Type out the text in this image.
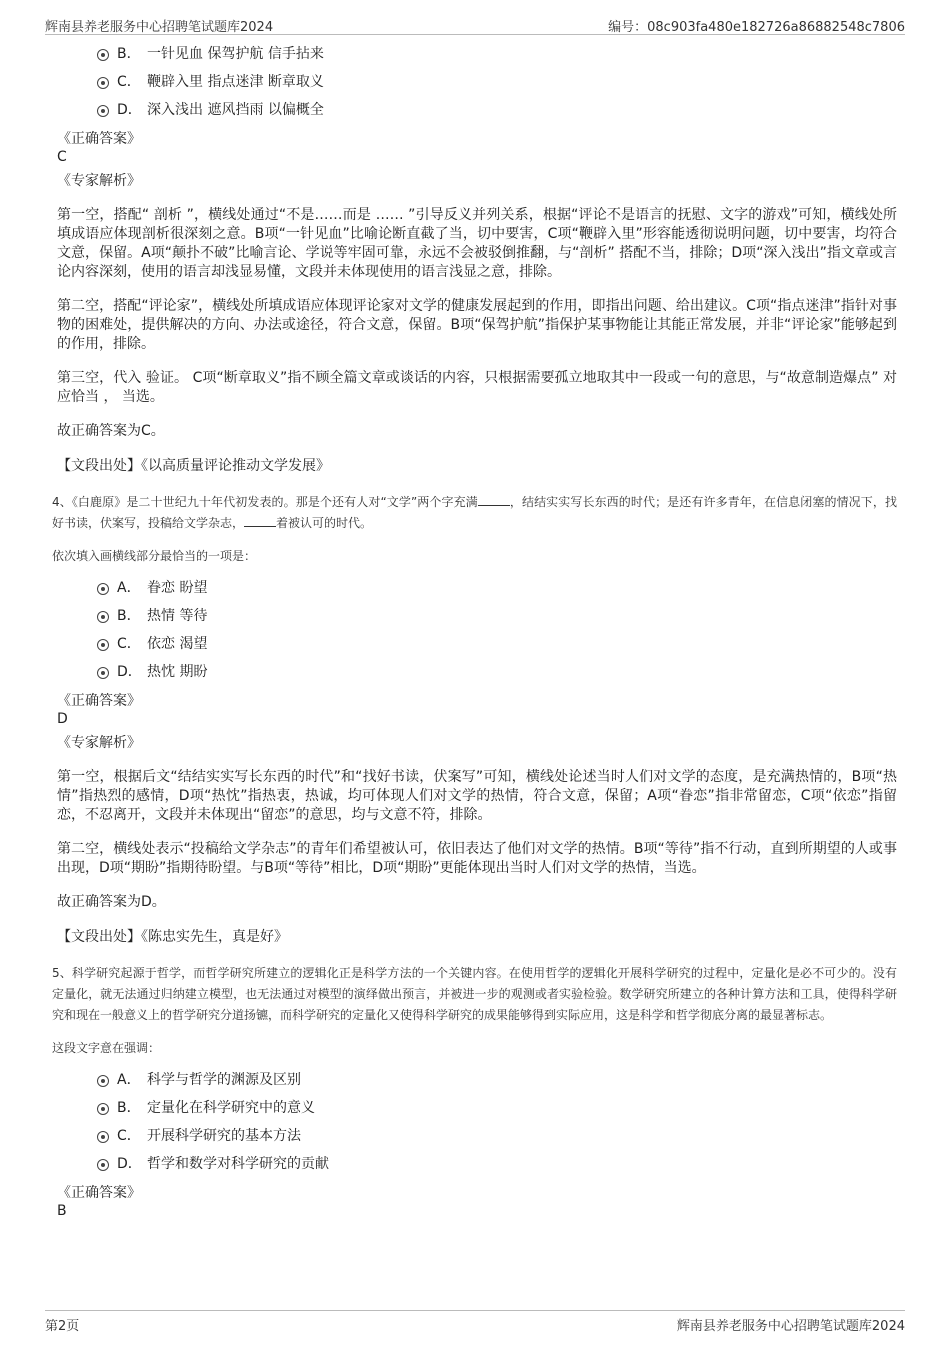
辉南县养老服务中心招聘笔试题库2024	编号：08c903fa480e182726a86882548c7806
B． 一针见血 保驾护航 信手拈来
C． 鞭辟入里 指点迷津 断章取义
D． 深入浅出 遮风挡雨 以偏概全
《正确答案》
C
《专家解析》

第一空，搭配“ 剖析 ”，横线处通过“不是……而是 …… ”引导反义并列关系，根据“评论不是语言的抚慰、文字的游戏”可知，横线处所填成语应体现剖析很深刻之意。B项“一针见血”比喻论断直截了当，切中要害，C项“鞭辟入里”形容能透彻说明问题，切中要害，均符合文意，保留。A项“颠扑不破”比喻言论、学说等牢固可靠，永远不会被驳倒推翻，与“剖析” 搭配不当，排除；D项“深入浅出”指文章或言论内容深刻，使用的语言却浅显易懂，文段并未体现使用的语言浅显之意，排除。

第二空，搭配“评论家”，横线处所填成语应体现评论家对文学的健康发展起到的作用，即指出问题、给出建议。C项“指点迷津”指针对事物的困难处，提供解决的方向、办法或途径，符合文意，保留。B项“保驾护航”指保护某事物能让其能正常发展，并非“评论家”能够起到的作用，排除。

第三空，代入 验证。 C项“断章取义”指不顾全篇文章或谈话的内容，只根据需要孤立地取其中一段或一句的意思，与“故意制造爆点” 对应恰当 ， 当选。

故正确答案为C。

【文段出处】《以高质量评论推动文学发展》

4、《白鹿原》是二十世纪九十年代初发表的。那是个还有人对“文学”两个字充满	，结结实实写长东西的时代；是还有许多青年，在信息闭塞的情况下，找好书读，伏案写，投稿给文学杂志，	着被认可的时代。

依次填入画横线部分最恰当的一项是：

A． 眷恋 盼望
B． 热情 等待
C． 依恋 渴望
D． 热忱 期盼
《正确答案》
D
《专家解析》

第一空，根据后文“结结实实写长东西的时代”和“找好书读，伏案写”可知，横线处论述当时人们对文学的态度，是充满热情的，B项“热情”指热烈的感情，D项“热忱”指热衷，热诚，均可体现人们对文学的热情，符合文意，保留；A项“眷恋”指非常留恋，C项“依恋”指留恋，不忍离开，文段并未体现出“留恋”的意思，均与文意不符，排除。

第二空，横线处表示“投稿给文学杂志”的青年们希望被认可，依旧表达了他们对文学的热情。B项“等待”指不行动，直到所期望的人或事出现，D项“期盼”指期待盼望。与B项“等待”相比，D项“期盼”更能体现出当时人们对文学的热情，当选。

故正确答案为D。

【文段出处】《陈忠实先生，真是好》

5、科学研究起源于哲学，而哲学研究所建立的逻辑化正是科学方法的一个关键内容。在使用哲学的逻辑化开展科学研究的过程中，定量化是必不可少的。没有定量化，就无法通过归纳建立模型，也无法通过对模型的演绎做出预言，并被进一步的观测或者实验检验。数学研究所建立的各种计算方法和工具，使得科学研究和现在一般意义上的哲学研究分道扬镳，而科学研究的定量化又使得科学研究的成果能够得到实际应用，这是科学和哲学彻底分离的最显著标志。

这段文字意在强调：

A． 科学与哲学的渊源及区别
B． 定量化在科学研究中的意义
C． 开展科学研究的基本方法
D． 哲学和数学对科学研究的贡献
《正确答案》
B
第2页	辉南县养老服务中心招聘笔试题库2024
